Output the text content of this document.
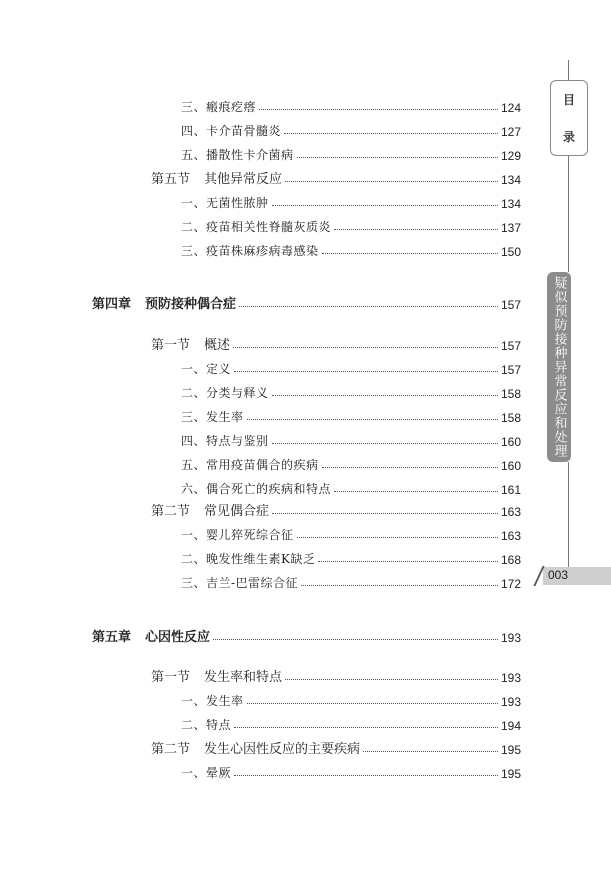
三、瘢痕疙瘩	124
四、卡介苗骨髓炎	127
五、播散性卡介菌病	129
第五节 其他异常反应	134
一、无菌性脓肿	134
二、疫苗相关性脊髓灰质炎	137
三、疫苗株麻疹病毒感染	150
第四章 预防接种偶合症	157
第一节 概述	157
一、定义	157
二、分类与释义	158
三、发生率	158
四、特点与鉴别	160
五、常用疫苗偶合的疾病	160
六、偶合死亡的疾病和特点	161
第二节 常见偶合症	163
一、婴儿猝死综合征	163
二、晚发性维生素K缺乏	168
三、吉兰-巴雷综合征	172
第五章 心因性反应	193
第一节 发生率和特点	193
一、发生率	193
二、特点	194
第二节 发生心因性反应的主要疾病	195
一、晕厥	195
目
录
疑似预防接种异常反应和处理
003
